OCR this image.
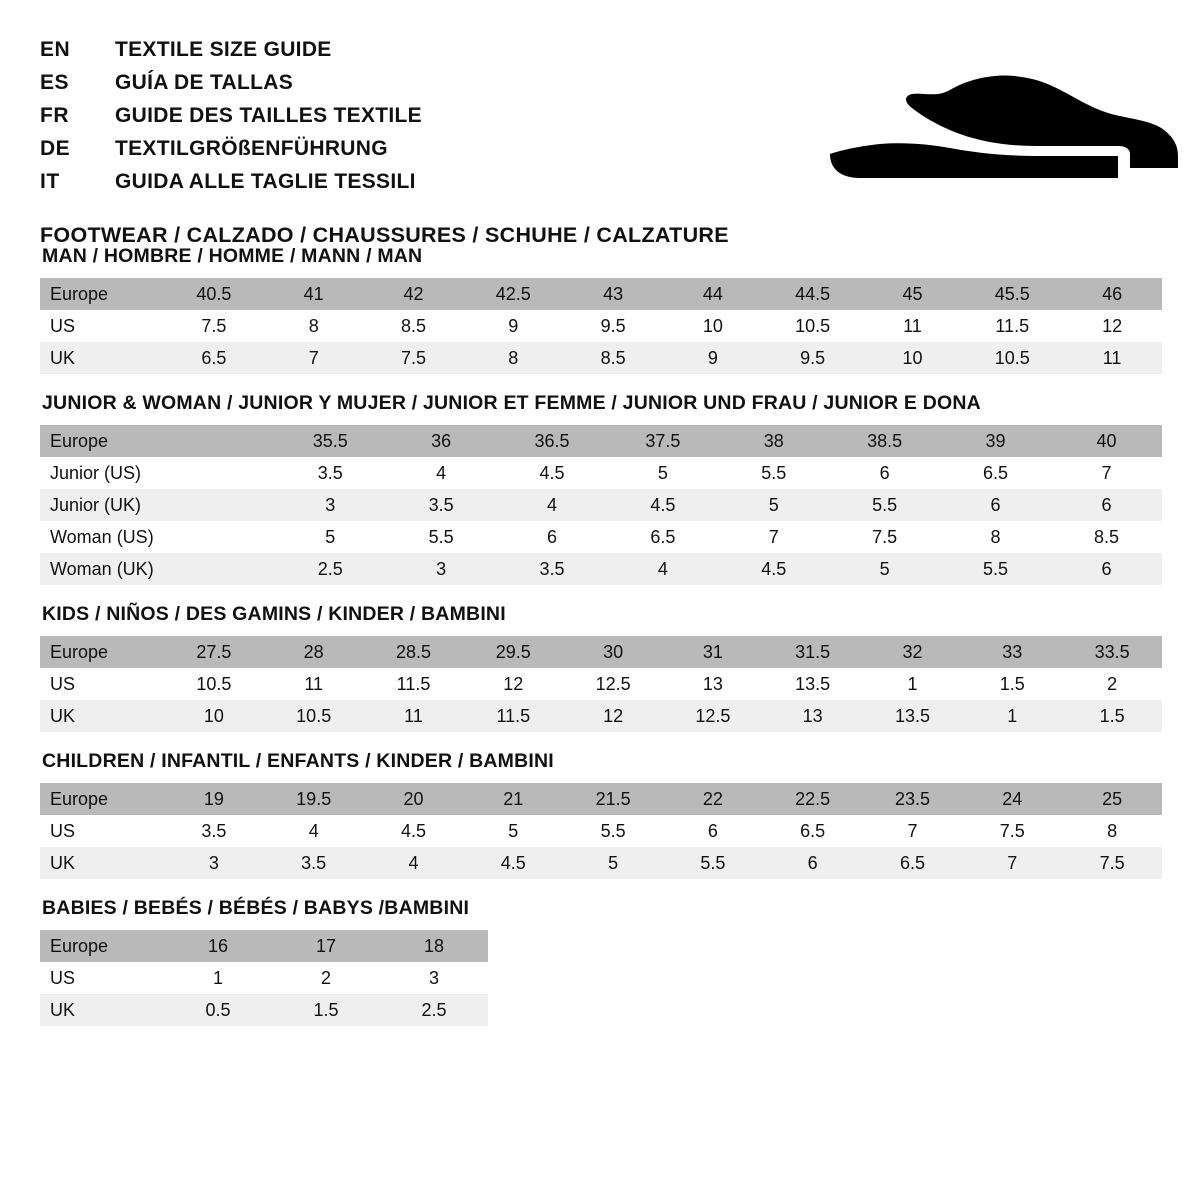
EN	TEXTILE SIZE GUIDE
ES	GUÍA DE TALLAS
FR	GUIDE DES TAILLES TEXTILE
DE	TEXTILGRÖßENFÜHRUNG
IT	GUIDA ALLE TAGLIE TESSILI
FOOTWEAR / CALZADO / CHAUSSURES / SCHUHE / CALZATURE
MAN / HOMBRE / HOMME / MANN / MAN
Europe	40.5	41	42	42.5	43	44	44.5	45	45.5	46
US	7.5	8	8.5	9	9.5	10	10.5	11	11.5	12
UK	6.5	7	7.5	8	8.5	9	9.5	10	10.5	11
JUNIOR & WOMAN / JUNIOR Y MUJER / JUNIOR ET FEMME / JUNIOR UND FRAU / JUNIOR E DONA
Europe		35.5	36	36.5	37.5	38	38.5	39	40
Junior (US)		3.5	4	4.5	5	5.5	6	6.5	7
Junior (UK)		3	3.5	4	4.5	5	5.5	6	6
Woman (US)		5	5.5	6	6.5	7	7.5	8	8.5
Woman (UK)		2.5	3	3.5	4	4.5	5	5.5	6
KIDS / NIÑOS / DES GAMINS / KINDER / BAMBINI
Europe	27.5	28	28.5	29.5	30	31	31.5	32	33	33.5
US	10.5	11	11.5	12	12.5	13	13.5	1	1.5	2
UK	10	10.5	11	11.5	12	12.5	13	13.5	1	1.5
CHILDREN / INFANTIL / ENFANTS / KINDER / BAMBINI
Europe	19	19.5	20	21	21.5	22	22.5	23.5	24	25
US	3.5	4	4.5	5	5.5	6	6.5	7	7.5	8
UK	3	3.5	4	4.5	5	5.5	6	6.5	7	7.5
BABIES / BEBÉS / BÉBÉS / BABYS /BAMBINI
Europe	16	17	18
US	1	2	3
UK	0.5	1.5	2.5
